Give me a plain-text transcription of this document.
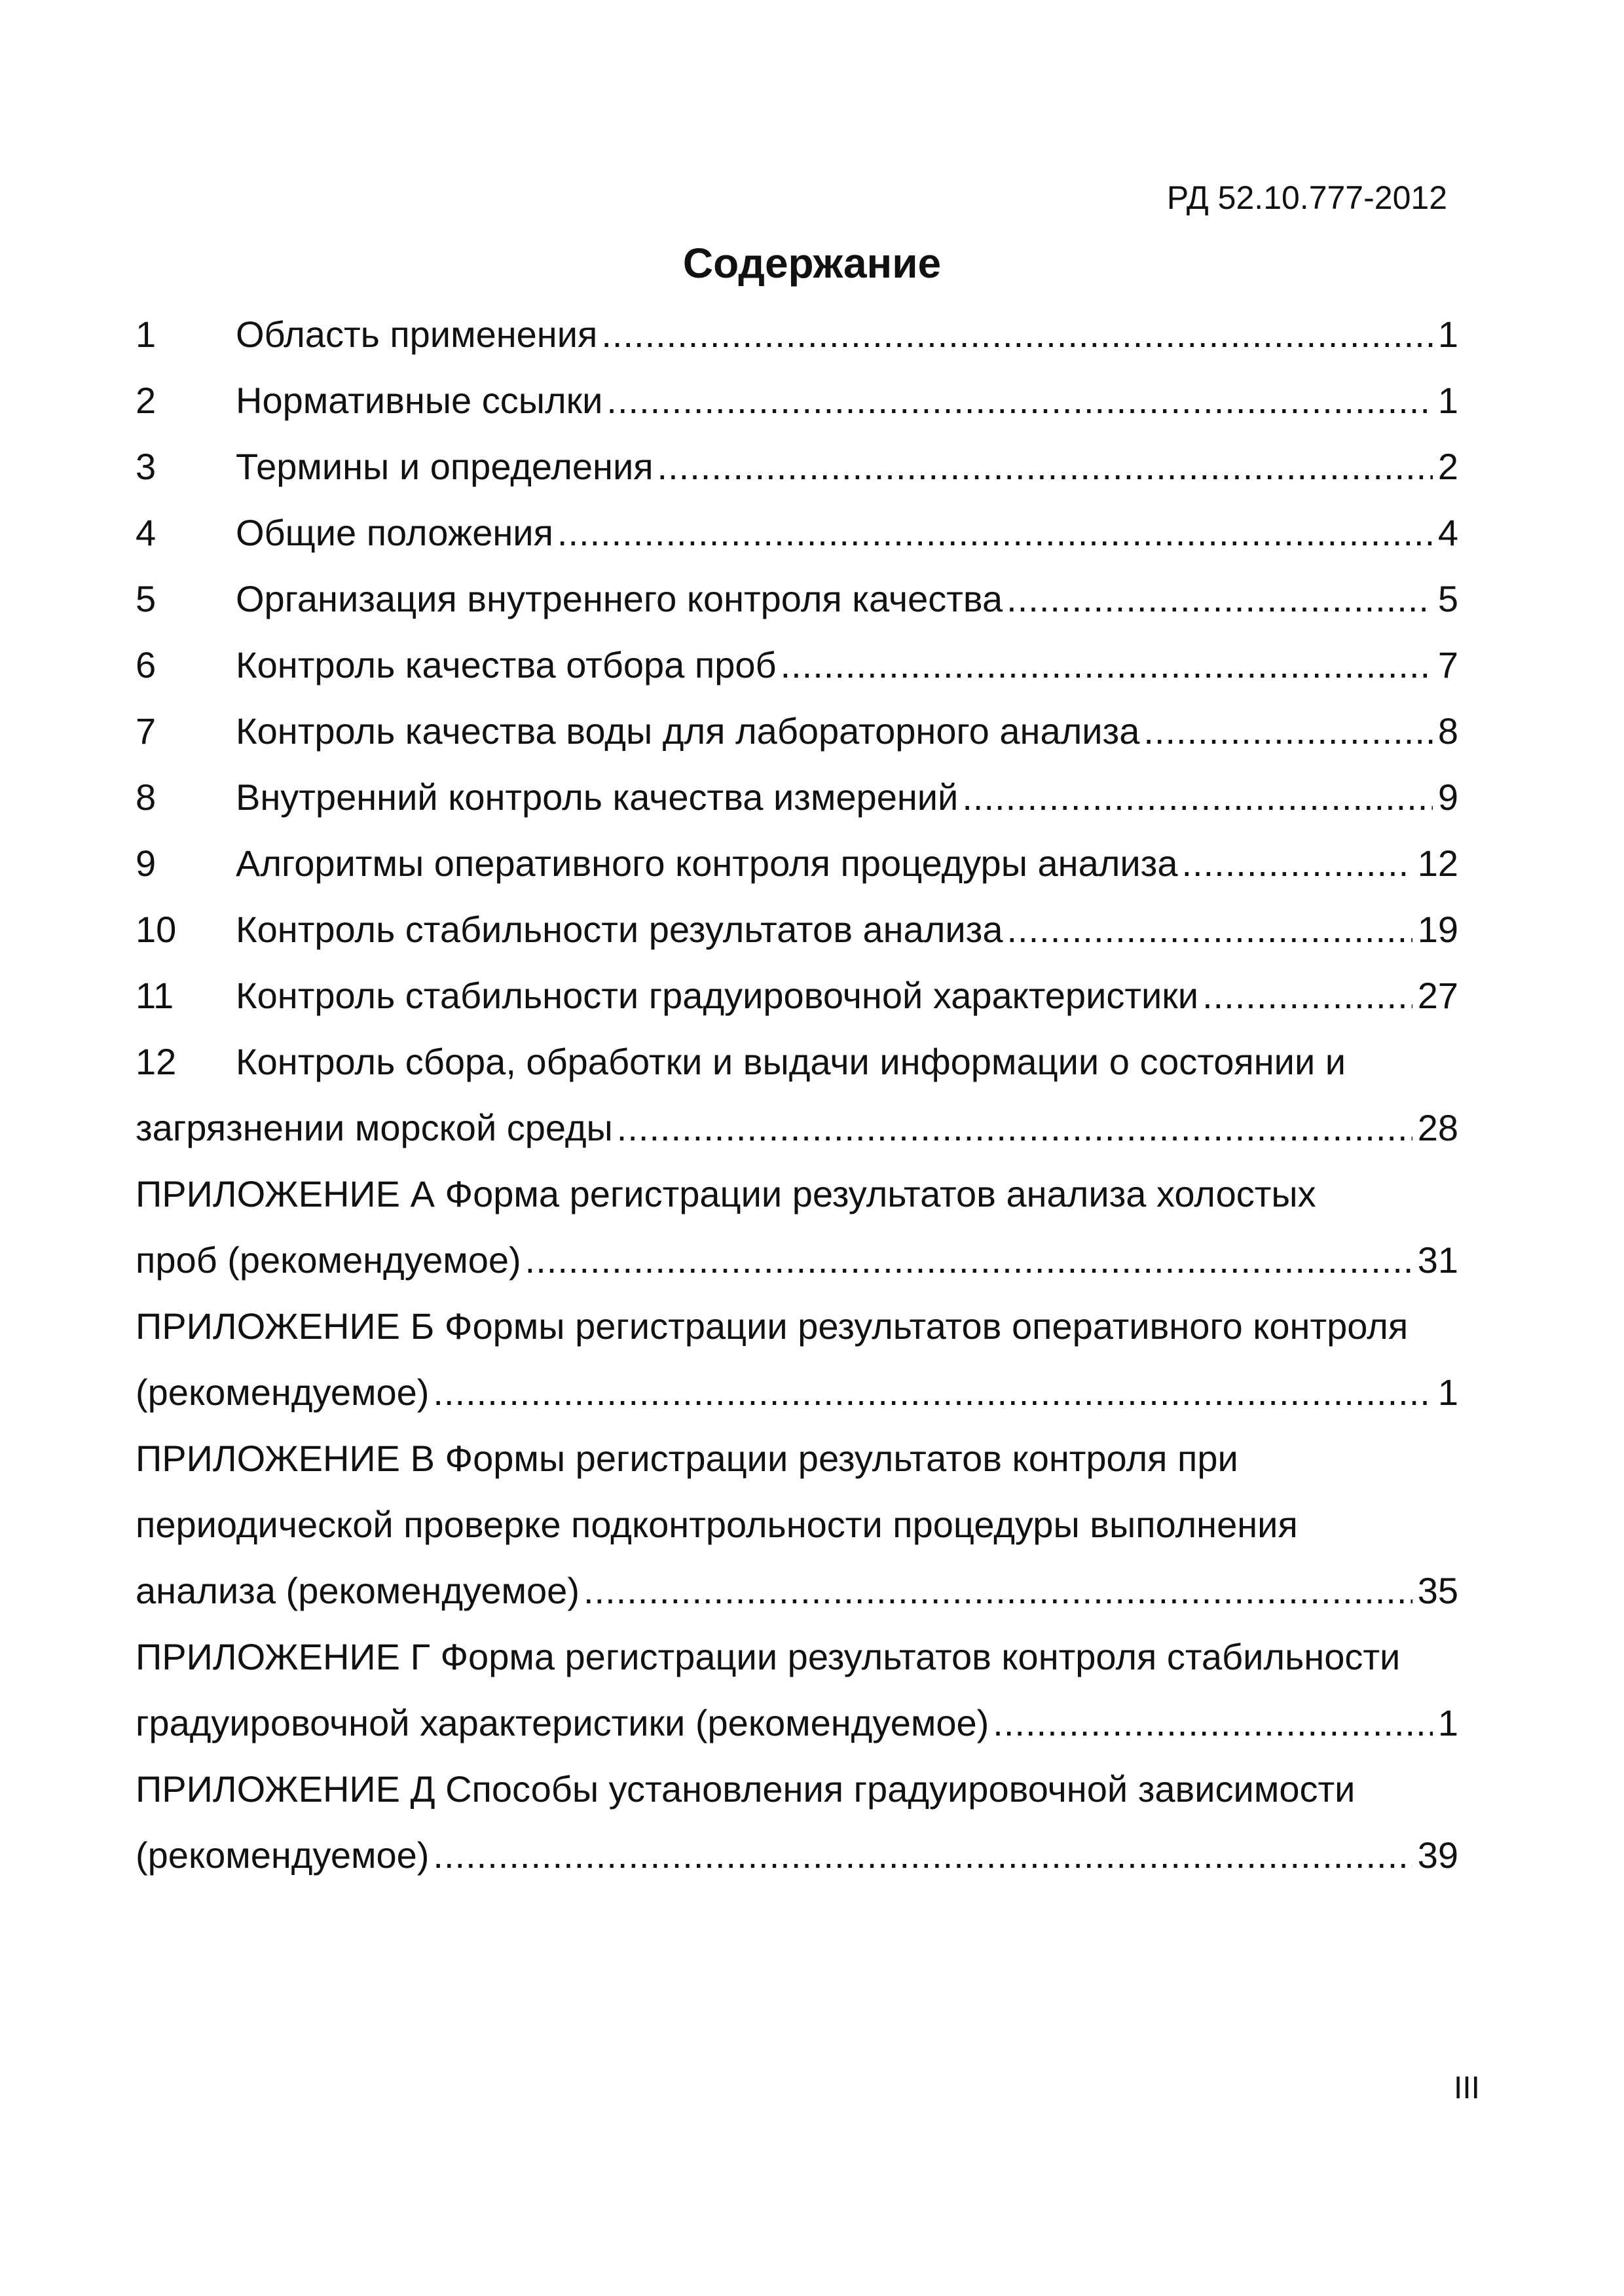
РД 52.10.777-2012
Содержание
1	Область применения .....	1
2	Нормативные ссылки .....	1
3	Термины и определения .....	2
4	Общие положения .....	4
5	Организация внутреннего контроля качества .....	5
6	Контроль качества отбора проб .....	7
7	Контроль качества воды для лабораторного анализа .....	8
8	Внутренний контроль качества измерений .....	9
9	Алгоритмы оперативного контроля процедуры анализа .....	12
10	Контроль стабильности результатов анализа .....	19
11	Контроль стабильности градуировочной характеристики .....	27
12	Контроль сбора, обработки и выдачи информации о состоянии и
загрязнении морской среды .....	28
ПРИЛОЖЕНИЕ А Форма регистрации результатов анализа холостых
проб (рекомендуемое) .....	31
ПРИЛОЖЕНИЕ Б Формы регистрации результатов оперативного контроля
(рекомендуемое) .....	1
ПРИЛОЖЕНИЕ В Формы регистрации результатов контроля при
периодической проверке подконтрольности процедуры выполнения
анализа (рекомендуемое) .....	35
ПРИЛОЖЕНИЕ Г Форма регистрации результатов контроля стабильности
градуировочной характеристики (рекомендуемое) .....	1
ПРИЛОЖЕНИЕ Д Способы установления градуировочной зависимости
(рекомендуемое) .....	39
III
